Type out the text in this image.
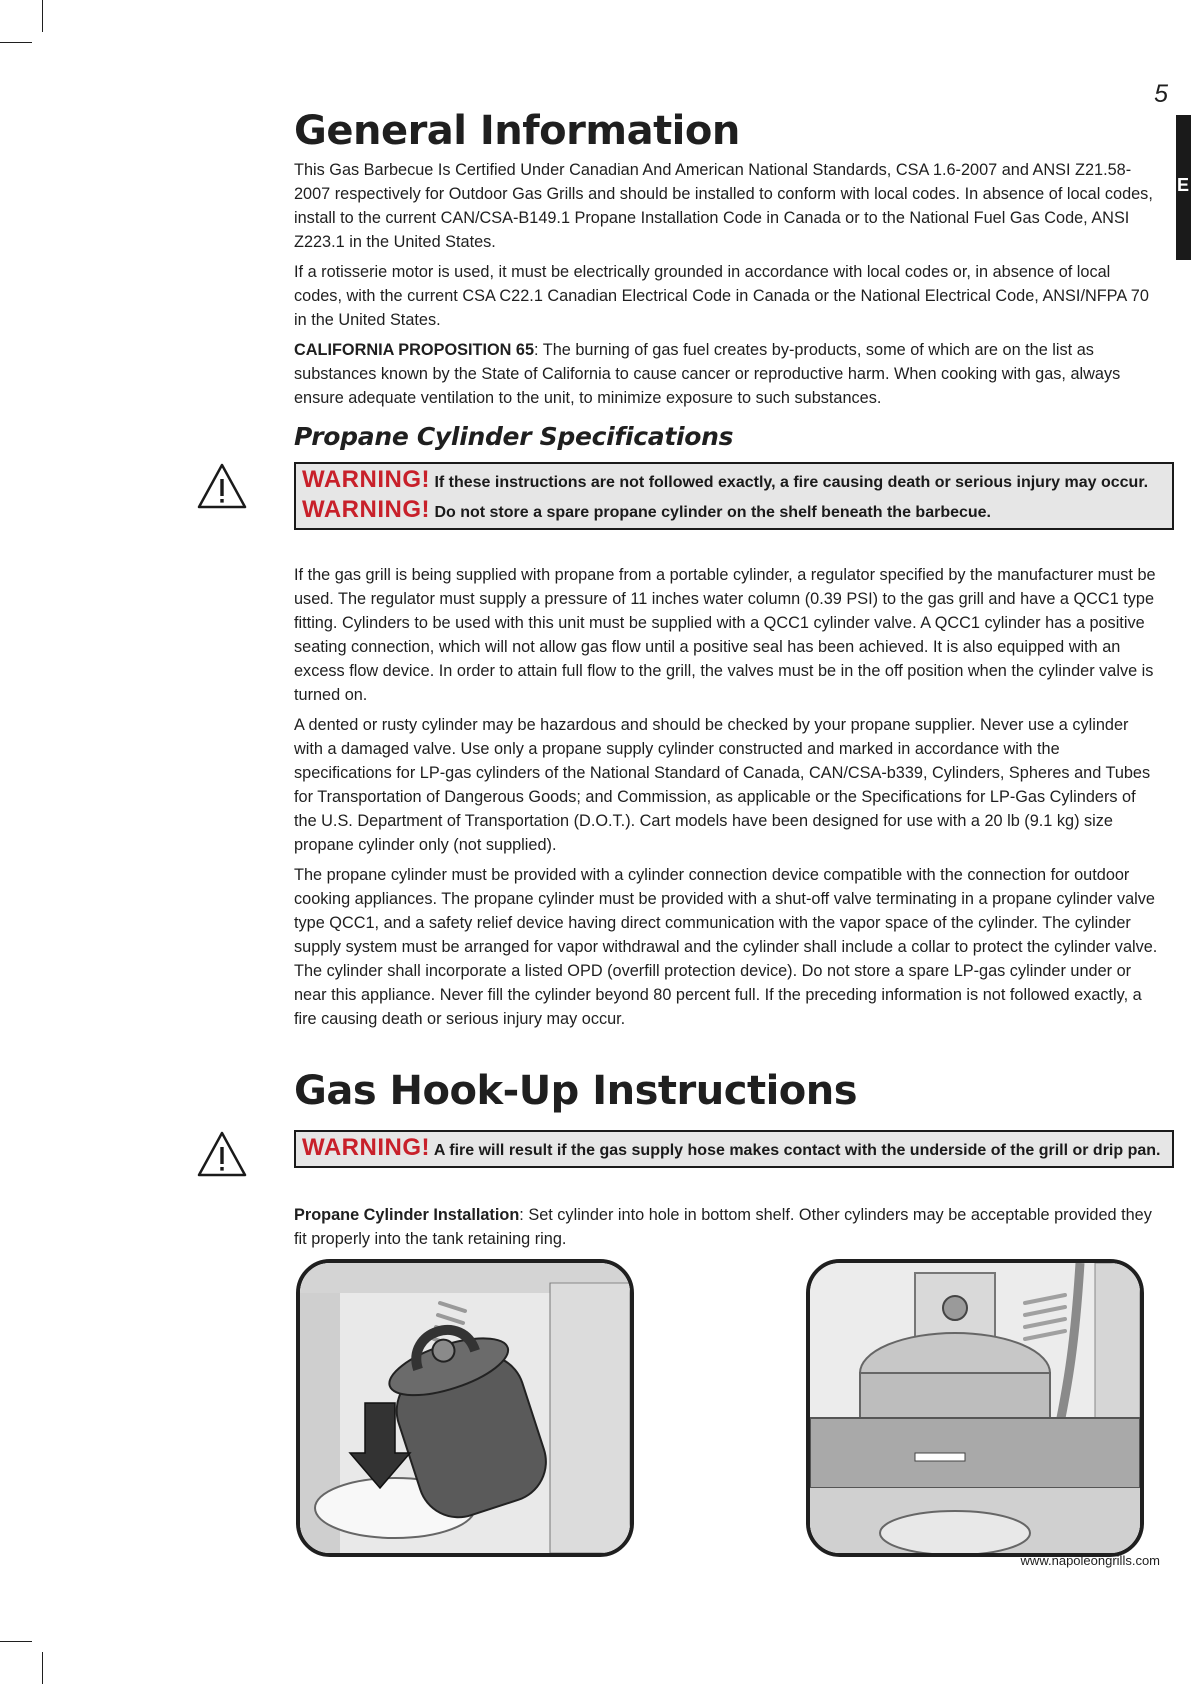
5
E
General Information

This Gas Barbecue Is Certified Under Canadian And American National Standards, CSA 1.6-2007 and ANSI Z21.58-2007 respectively for Outdoor Gas Grills and should be installed to conform with local codes. In absence of local codes, install to the current CAN/CSA-B149.1 Propane Installation Code in Canada or to the National Fuel Gas Code, ANSI Z223.1 in the United States.

If a rotisserie motor is used, it must be electrically grounded in accordance with local codes or, in absence of local codes, with the current CSA C22.1 Canadian Electrical Code in Canada or the National Electrical Code, ANSI/NFPA 70 in the United States.

CALIFORNIA PROPOSITION 65: The burning of gas fuel creates by-products, some of which are on the list as substances known by the State of California to cause cancer or reproductive harm. When cooking with gas, always ensure adequate ventilation to the unit, to minimize exposure to such substances.

Propane Cylinder Specifications
WARNING! If these instructions are not followed exactly, a fire causing death or serious injury may occur.
WARNING! Do not store a spare propane cylinder on the shelf beneath the barbecue.

If the gas grill is being supplied with propane from a portable cylinder, a regulator specified by the manufacturer must be used. The regulator must supply a pressure of 11 inches water column (0.39 PSI) to the gas grill and have a QCC1 type fitting. Cylinders to be used with this unit must be supplied with a QCC1 cylinder valve. A QCC1 cylinder has a positive seating connection, which will not allow gas flow until a positive seal has been achieved. It is also equipped with an excess flow device. In order to attain full flow to the grill, the valves must be in the off position when the cylinder valve is turned on.

A dented or rusty cylinder may be hazardous and should be checked by your propane supplier. Never use a cylinder with a damaged valve. Use only a propane supply cylinder constructed and marked in accordance with the specifications for LP-gas cylinders of the National Standard of Canada, CAN/CSA-b339, Cylinders, Spheres and Tubes for Transportation of Dangerous Goods; and Commission, as applicable or the Specifications for LP-Gas Cylinders of the U.S. Department of Transportation (D.O.T.). Cart models have been designed for use with a 20 lb (9.1 kg) size propane cylinder only (not supplied).

The propane cylinder must be provided with a cylinder connection device compatible with the connection for outdoor cooking appliances. The propane cylinder must be provided with a shut-off valve terminating in a propane cylinder valve type QCC1, and a safety relief device having direct communication with the vapor space of the cylinder. The cylinder supply system must be arranged for vapor withdrawal and the cylinder shall include a collar to protect the cylinder valve. The cylinder shall incorporate a listed OPD (overfill protection device). Do not store a spare LP-gas cylinder under or near this appliance. Never fill the cylinder beyond 80 percent full. If the preceding information is not followed exactly, a fire causing death or serious injury may occur.

Gas Hook-Up Instructions
WARNING! A fire will result if the gas supply hose makes contact with the underside of the grill or drip pan.

Propane Cylinder Installation: Set cylinder into hole in bottom shelf. Other cylinders may be acceptable provided they fit properly into the tank retaining ring.

www.napoleongrills.com
